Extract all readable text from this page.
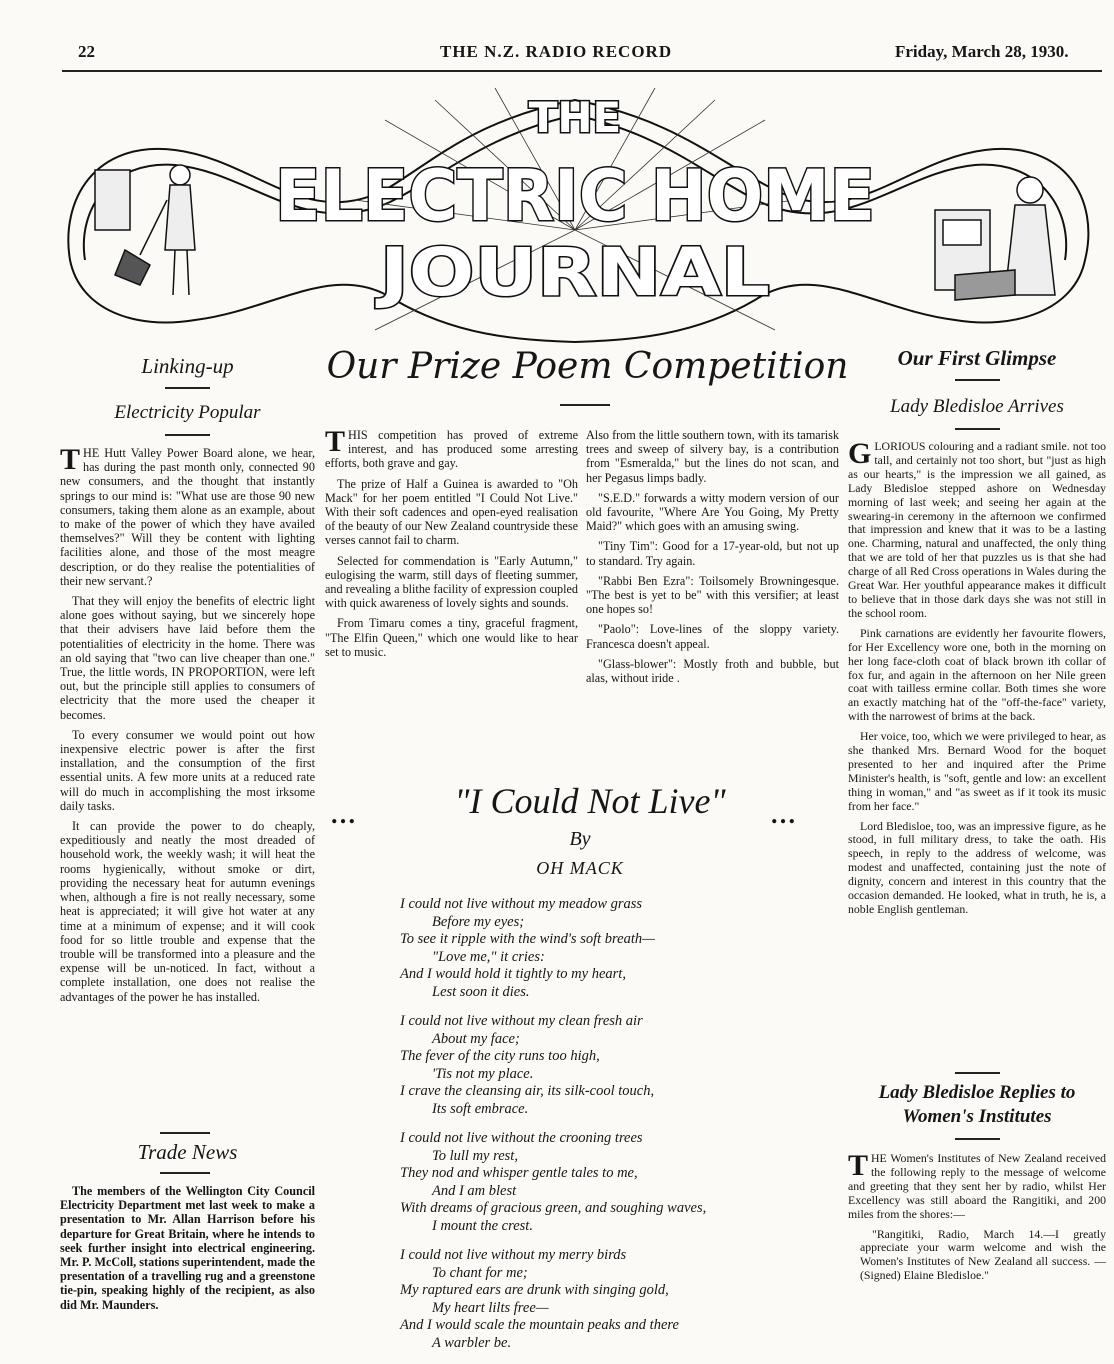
22	THE N.Z. RADIO RECORD	Friday, March 28, 1930.
THE
ELECTRIC HOME
JOURNAL
Linking-up
Electricity Popular

THE Hutt Valley Power Board alone, we hear, has during the past month only, connected 90 new consumers, and the thought that instantly springs to our mind is: "What use are those 90 new consumers, taking them alone as an example, about to make of the power of which they have availed themselves?" Will they be content with lighting facilities alone, and those of the most meagre description, or do they realise the potentialities of their new servant.?

That they will enjoy the benefits of electric light alone goes without saying, but we sincerely hope that their advisers have laid before them the potentialities of electricity in the home. There was an old saying that "two can live cheaper than one." True, the little words, IN PROPORTION, were left out, but the principle still applies to consumers of electricity that the more used the cheaper it becomes.

To every consumer we would point out how inexpensive electric power is after the first installation, and the consumption of the first essential units. A few more units at a reduced rate will do much in accomplishing the most irksome daily tasks.

It can provide the power to do cheaply, expeditiously and neatly the most dreaded of household work, the weekly wash; it will heat the rooms hygienically, without smoke or dirt, providing the necessary heat for autumn evenings when, although a fire is not really necessary, some heat is appreciated; it will give hot water at any time at a minimum of expense; and it will cook food for so little trouble and expense that the trouble will be transformed into a pleasure and the expense will be un-noticed. In fact, without a complete installation, one does not realise the advantages of the power he has installed.

Trade News

The members of the Wellington City Council Electricity Department met last week to make a presentation to Mr. Allan Harrison before his departure for Great Britain, where he intends to seek further insight into electrical engineering. Mr. P. McColl, stations superintendent, made the presentation of a travelling rug and a greenstone tie-pin, speaking highly of the recipient, as also did Mr. Maunders.

Our Prize Poem Competition

THIS competition has proved of extreme interest, and has produced some arresting efforts, both grave and gay.

The prize of Half a Guinea is awarded to "Oh Mack" for her poem entitled "I Could Not Live." With their soft cadences and open-eyed realisation of the beauty of our New Zealand countryside these verses cannot fail to charm.

Selected for commendation is "Early Autumn," eulogising the warm, still days of fleeting summer, and revealing a blithe facility of expression coupled with quick awareness of lovely sights and sounds.

From Timaru comes a tiny, graceful fragment, "The Elfin Queen," which one would like to hear set to music.

Also from the little southern town, with its tamarisk trees and sweep of silvery bay, is a contribution from "Esmeralda," but the lines do not scan, and her Pegasus limps badly.

"S.E.D." forwards a witty modern version of our old favourite, "Where Are You Going, My Pretty Maid?" which goes with an amusing swing.

"Tiny Tim": Good for a 17-year-old, but not up to standard. Try again.

"Rabbi Ben Ezra": Toilsomely Browningesque. "The best is yet to be" with this versifier; at least one hopes so!

"Paolo": Love-lines of the sloppy variety. Francesca doesn't appeal.

"Glass-blower": Mostly froth and bubble, but alas, without iride .

…	"I Could Not Live"	…
By
OH MACK
I could not live without my meadow grass
Before my eyes;
To see it ripple with the wind's soft breath—
"Love me," it cries:
And I would hold it tightly to my heart,
Lest soon it dies.
I could not live without my clean fresh air
About my face;
The fever of the city runs too high,
'Tis not my place.
I crave the cleansing air, its silk-cool touch,
Its soft embrace.
I could not live without the crooning trees
To lull my rest,
They nod and whisper gentle tales to me,
And I am blest
With dreams of gracious green, and soughing waves,
I mount the crest.
I could not live without my merry birds
To chant for me;
My raptured ears are drunk with singing gold,
My heart lilts free—
And I would scale the mountain peaks and there
A warbler be.
Our First Glimpse
Lady Bledisloe Arrives

GLORIOUS colouring and a radiant smile. not too tall, and certainly not too short, but "just as high as our hearts," is the impression we all gained, as Lady Bledisloe stepped ashore on Wednesday morning of last week; and seeing her again at the swearing-in ceremony in the afternoon we confirmed that impression and knew that it was to be a lasting one. Charming, natural and unaffected, the only thing that we are told of her that puzzles us is that she had charge of all Red Cross operations in Wales during the Great War. Her youthful appearance makes it difficult to believe that in those dark days she was not still in the school room.

Pink carnations are evidently her favourite flowers, for Her Excellency wore one, both in the morning on her long face-cloth coat of black brown ith collar of fox fur, and again in the afternoon on her Nile green coat with tailless ermine collar. Both times she wore an exactly matching hat of the "off-the-face" variety, with the narrowest of brims at the back.

Her voice, too, which we were privileged to hear, as she thanked Mrs. Bernard Wood for the boquet presented to her and inquired after the Prime Minister's health, is "soft, gentle and low: an excellent thing in woman," and "as sweet as if it took its music from her face."

Lord Bledisloe, too, was an impressive figure, as he stood, in full military dress, to take the oath. His speech, in reply to the address of welcome, was modest and unaffected, containing just the note of dignity, concern and interest in this country that the occasion demanded. He looked, what in truth, he is, a noble English gentleman.

Lady Bledisloe Replies to
Women's Institutes

THE Women's Institutes of New Zealand received the following reply to the message of welcome and greeting that they sent her by radio, whilst Her Excellency was still aboard the Rangitiki, and 200 miles from the shores:—

"Rangitiki, Radio, March 14.—I greatly appreciate your warm welcome and wish the Women's Institutes of New Zealand all success. —(Signed) Elaine Bledisloe."
